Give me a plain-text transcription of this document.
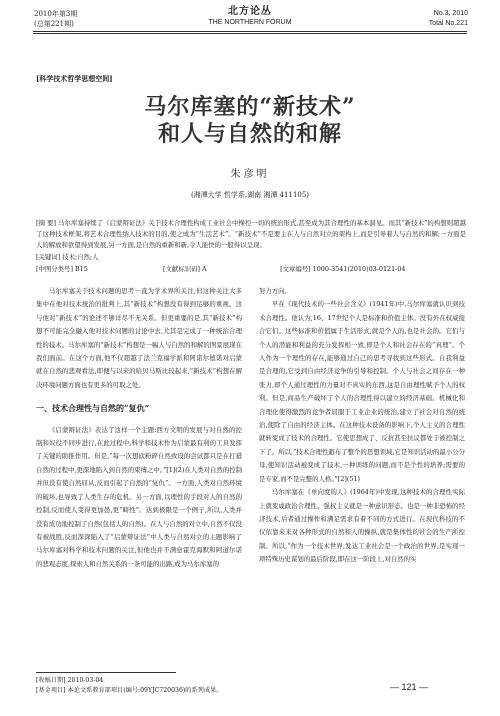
2010年第3期
(总第221期)
北方论丛
THE NORTHERN FORUM
No.3, 2010
Total No.221
[科学技术哲学思想空间]
马尔库塞的“新技术”
和人与自然的和解
朱彦明
(湘潭大学 哲学系,湖南 湘潭 411105)
[摘 要] 马尔库塞持续了《启蒙辩证法》关于技术合理性构成工业社会中操控一切的统治形式,甚至成为其合理性的基本洞见。而其“新技术”的构想则超越了这种技术框架,将艺术合理性纳入技术的目的,使之成为“生活艺术”。“新技术”不是要主在人与自然对立的架构上,而是引导着人与自然的和解;一方面是人的解放和欲望得到发展,另一方面,是自然的重新和新,令人能快的一般得以呈现。
[关键词] 技术;自然;人
[中图分类号] B15	[文献标识码] A	[文章编号] 1000-3541(2010)03-0121-04

马尔库塞关于技术问题的思考一直为学术界所关注,但这种关注大多集中在他对技术统治的批判上,其“新技术”构想没有得到足够的重视。这与他对“新技术”的论述不够详尽不无关系。但更重要的是,其“新技术”构想不可能完全融入他对技术问题的讨论中去,尤其是完成了一种统治合理性的技术。马尔库塞的“新技术”构想是一幅人与自然的和解的图景展现在我们面前。在这个方面,他不仅超越了法兰克福学派和阿诺尔德诺对启蒙就在自然的悲观看法,即便与以来的哈贝马斯比较起来,“新技术”构想在解决环境问题方面也有更多的可取之处。

一、技术合理性与自然的“复仇”

《启蒙辩证法》表达了这样一个主题:西方文明的发展与对自然的控制和奴役不同步进行,在此过程中,科学和技术作为启蒙最有利的工具发挥了关键的助推作用。但是,“每一次想砍粉碎自然致设的尝试都只是在打猎自然的过程中,更深地陷入到自然的束缚之中。”[1](2)在人类对自然的控制并但没有使自然屈从,反而引起了自然的“复仇”。一方面,人类对自然环境的破坏,也导致了人类生存的危机。另一方面,以理性的手段对人的自然的控制,反而使人变得更加愚,更“畸性”。达到极限是一个例子,所以,人类并没有成功地控制了自然(包括人的自然)。在人与自然的对立中,自然不仅没有被战胜,反而深深陷入了“启蒙辩证法”中人类与自然对立的主题影响了马尔库塞对科学和技术问题的关注,但他也并不满意霍克海默和阿道尔诺的悲观态度,探索人和自然关系的一条可能的出路,成为马尔库塞的

努力方向。

早在《现代技术的一些社会含义》(1941年)中,马尔库塞就认识到技术合理性。他认为,16、17世纪个人是标准和价值主体。没有外在权威接合它们。这些标准和价值属于生活形式,就是个人的,也是社会的。它们与个人的潜能和利益的充分发挥相一致,即是个人和社会存在的“真理”。个人作为一个理性的存在,能够通过自己的思考寻找到这些形式。自我利益是合理的,它受到自由经济竞争的引导和控制。个人与社会之间存在一种张力,即个人通过理性的力量对不真实的东西,这是自由理性赋予个人的权利。但是,商品生产破坏了个人的合理性得以建立的经济基础。机械化和合理化使得激烈的竞争者屈服于工业企业的统治,建立了社会对自然的统治,使除了自由的经济主体。在这种技术设备的影响下,个人主义的合理性就转变成了技术的合理性。它使思想成了、反抗甚至抗议都处于被控制之下了。所以,“技术合理性避布了整个的思想领域,它是知识活动的最小公分母,使知识活动被变成了技术,一种训练的问题,而不是个性的培养;需要的是专家,而不是完整的人格。”[2](51)

马尔库塞在《单向度的人》(1964年)中发现,这种技术的合理性实际上就变成政治合理性。强权主义就是一种意识形态。也是一种非恐怖的经济技术,后者通过操作和满足需求有着不同的方式进行。在现代科技的不仅依靠来来对各种形式的自然和人的操纵,就是集体性的社会的生产所控制。所以,“作为一个技术世界,发达工业社会是一个政治的世界,是实现一项特殊历史谋划的最后阶段,即在这一阶段上,对自然的实

[收稿日期] 2010-03-04
[基金项目] 本论文系教育部项目(编号:09YJC720036)的系列成果。	— 121 —
